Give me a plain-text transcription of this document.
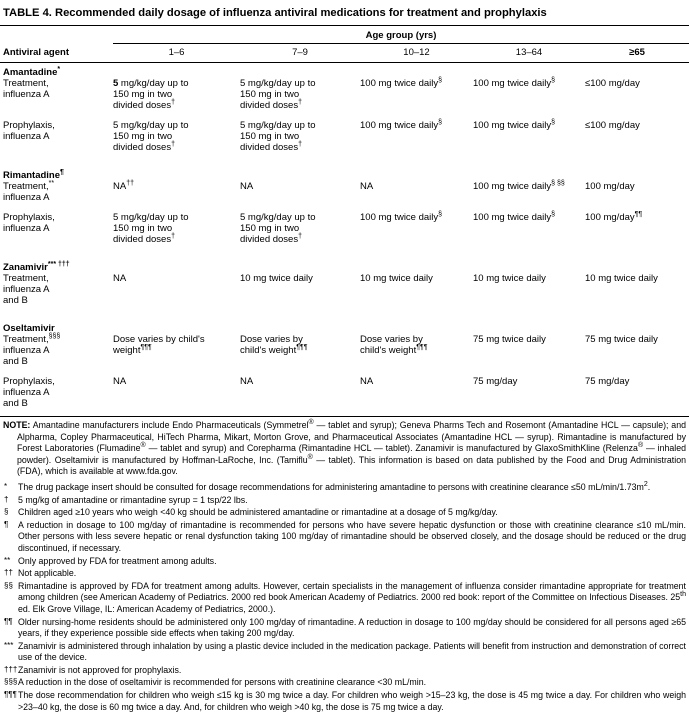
TABLE 4. Recommended daily dosage of influenza antiviral medications for treatment and prophylaxis
	Age group (yrs)				
Antiviral agent	1–6	7–9	10–12	13–64	≥65
Amantadine*
Treatment,
influenza A	5 mg/kg/day up to
150 mg in two
divided doses†	5 mg/kg/day up to
150 mg in two
divided doses†	100 mg twice daily§	100 mg twice daily§	≤100 mg/day
Prophylaxis,
influenza A	5 mg/kg/day up to
150 mg in two
divided doses†	5 mg/kg/day up to
150 mg in two
divided doses†	100 mg twice daily§	100 mg twice daily§	≤100 mg/day
Rimantadine¶
Treatment,**
influenza A	NA††	NA	NA	100 mg twice daily§ §§	100 mg/day
Prophylaxis,
influenza A	5 mg/kg/day up to
150 mg in two
divided doses†	5 mg/kg/day up to
150 mg in two
divided doses†	100 mg twice daily§	100 mg twice daily§	100 mg/day¶¶
Zanamivir*** †††
Treatment,
influenza A
and B	NA	10 mg twice daily	10 mg twice daily	10 mg twice daily	10 mg twice daily
Oseltamivir					
Treatment,§§§
influenza A
and B	Dose varies by child's
weight¶¶¶	Dose varies by
child's weight¶¶¶	Dose varies by
child's weight¶¶¶	75 mg twice daily	75 mg twice daily
Prophylaxis,
influenza A
and B	NA	NA	NA	75 mg/day	75 mg/day

NOTE: Amantadine manufacturers include Endo Pharmaceuticals (Symmetrel® — tablet and syrup); Geneva Pharms Tech and Rosemont (Amantadine HCL — capsule); and Alpharma, Copley Pharmaceutical, HiTech Pharma, Mikart, Morton Grove, and Pharmaceutical Associates (Amantadine HCL — syrup). Rimantadine is manufactured by Forest Laboratories (Flumadine® — tablet and syrup) and Corepharma (Rimantadine HCL — tablet). Zanamivir is manufactured by GlaxoSmithKline (Relenza® — inhaled powder). Oseltamivir is manufactured by Hoffman-LaRoche, Inc. (Tamiflu® — tablet). This information is based on data published by the Food and Drug Administration (FDA), which is available at www.fda.gov.
* The drug package insert should be consulted for dosage recommendations for administering amantadine to persons with creatinine clearance ≤50 $mL/\min/1.73m^2$.
† 5 mg/kg of amantadine or rimantadine syrup = 1 tsp/22 lbs.
§ Children aged ≥10 years who weigh <40 kg should be administered amantadine or rimantadine at a dosage of 5 mg/kg/day.
¶ A reduction in dosage to 100 mg/day of rimantadine is recommended for persons who have severe hepatic dysfunction or those with creatinine clearance ≤10 mL/min. Other persons with less severe hepatic or renal dysfunction taking 100 mg/day of rimantadine should be observed closely, and the dosage should be reduced or the drug discontinued, if necessary.
** Only approved by FDA for treatment among adults.
†† Not applicable.
§§ Rimantadine is approved by FDA for treatment among adults. However, certain specialists in the management of influenza consider rimantadine appropriate for treatment among children (see American Academy of Pediatrics. 2000 red book American Academy of Pediatrics. 2000 red book: report of the Committee on Infectious Diseases. 25th ed. Elk Grove Village, IL: American Academy of Pediatrics, 2000.).
¶¶ Older nursing-home residents should be administered only 100 mg/day of rimantadine. A reduction in dosage to 100 mg/day should be considered for all persons aged ≥65 years, if they experience possible side effects when taking 200 mg/day.
*** Zanamivir is administered through inhalation by using a plastic device included in the medication package. Patients will benefit from instruction and demonstration of correct use of the device.
††† Zanamivir is not approved for prophylaxis.
§§§ A reduction in the dose of oseltamivir is recommended for persons with creatinine clearance <30 mL/min.
¶¶¶ The dose recommendation for children who weigh ≤15 kg is 30 mg twice a day. For children who weigh >15–23 kg, the dose is 45 mg twice a day. For children who weigh >23–40 kg, the dose is 60 mg twice a day. And, for children who weigh >40 kg, the dose is 75 mg twice a day.
